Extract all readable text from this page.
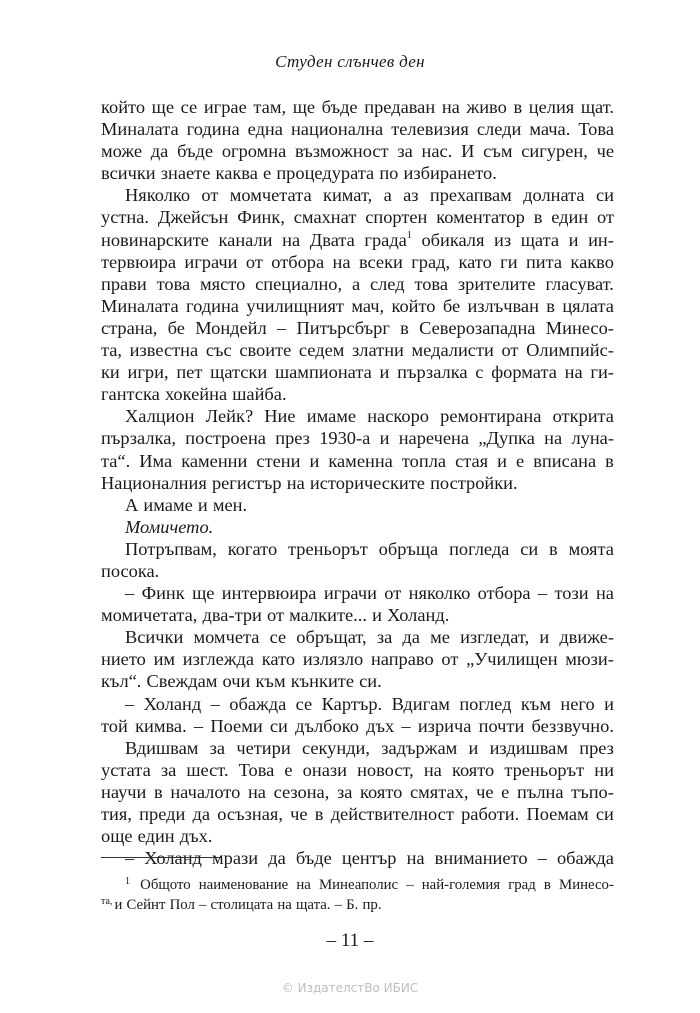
Студен слънчев ден
който ще се играе там, ще бъде предаван на живо в целия щат.
Миналата година една национална телевизия следи мача. Това
може да бъде огромна възможност за нас. И съм сигурен, че
всички знаете каква е процедурата по избирането.
Няколко от момчетата кимат, а аз прехапвам долната си
устна. Джейсън Финк, смахнат спортен коментатор в един от
новинарските канали на Двата града$^1$ обикаля из щата и ин-
тервюира играчи от отбора на всеки град, като ги пита какво
прави това място специално, а след това зрителите гласуват.
Миналата година училищният мач, който бе излъчван в цялата
страна, бе Мондейл – Питърсбърг в Северозападна Минесо-
та, известна със своите седем златни медалисти от Олимпийс-
ки игри, пет щатски шампионата и пързалка с формата на ги-
гантска хокейна шайба.
Халцион Лейк? Ние имаме наскоро ремонтирана открита
пързалка, построена през 1930-а и наречена „Дупка на луна-
та“. Има каменни стени и каменна топла стая и е вписана в
Националния регистър на историческите постройки.
А имаме и мен.
Момичето.
Потръпвам, когато треньорът обръща погледа си в моята
посока.
– Финк ще интервюира играчи от няколко отбора – този на
момичетата, два-три от малките... и Холанд.
Всички момчета се обръщат, за да ме изгледат, и движе-
нието им изглежда като излязло направо от „Училищен мюзи-
къл“. Свеждам очи към кънките си.
– Холанд – обажда се Картър. Вдигам поглед към него и
той кимва. – Поеми си дълбоко дъх – изрича почти беззвучно.
Вдишвам за четири секунди, задържам и издишвам през
устата за шест. Това е онази новост, на която треньорът ни
научи в началото на сезона, за която смятах, че е пълна тъпо-
тия, преди да осъзная, че в действителност работи. Поемам си
още един дъх.
– Холанд мрази да бъде център на вниманието – обажда
1 Общото наименование на Минеаполис – най-големия град в Минесо-
та, и Сейнт Пол – столицата на щата. – Б. пр.
– 11 –
© ИздателстВо ИБИС
